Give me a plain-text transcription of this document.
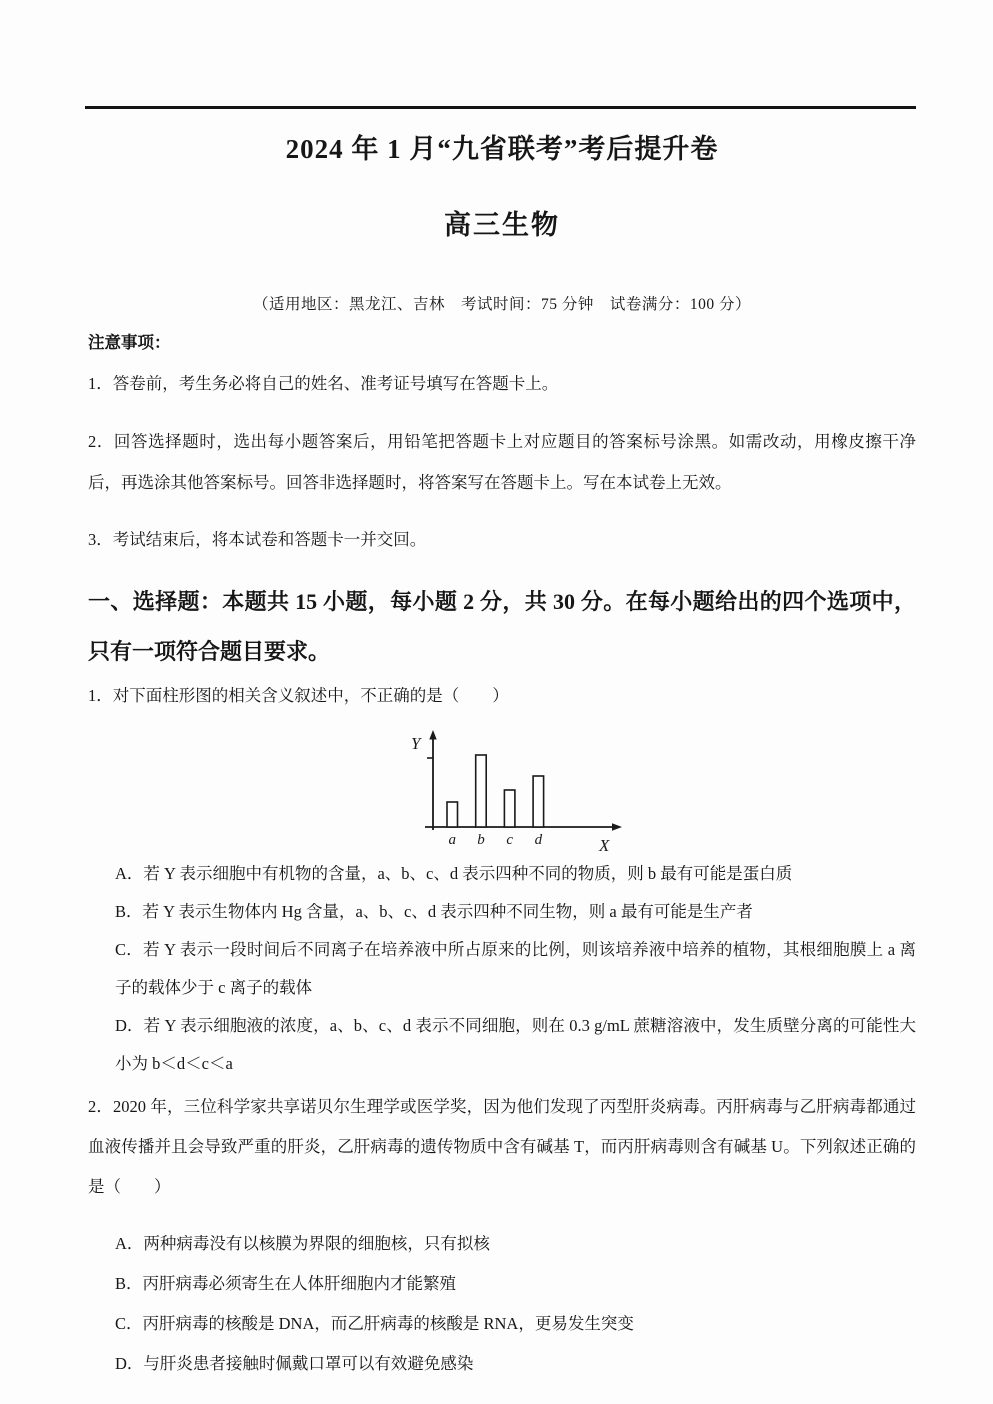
2024 年 1 月“九省联考”考后提升卷
高三生物

（适用地区：黑龙江、吉林　考试时间：75 分钟　试卷满分：100 分）

注意事项：

1．答卷前，考生务必将自己的姓名、准考证号填写在答题卡上。

2．回答选择题时，选出每小题答案后，用铅笔把答题卡上对应题目的答案标号涂黑。如需改动，用橡皮擦干净后，再选涂其他答案标号。回答非选择题时，将答案写在答题卡上。写在本试卷上无效。

3．考试结束后，将本试卷和答题卡一并交回。

一、选择题：本题共 15 小题，每小题 2 分，共 30 分。在每小题给出的四个选项中，只有一项符合题目要求。

1．对下面柱形图的相关含义叙述中，不正确的是（　　）

Y
X
a b c d

A．若 Y 表示细胞中有机物的含量，a、b、c、d 表示四种不同的物质，则 b 最有可能是蛋白质

B．若 Y 表示生物体内 Hg 含量，a、b、c、d 表示四种不同生物，则 a 最有可能是生产者

C．若 Y 表示一段时间后不同离子在培养液中所占原来的比例，则该培养液中培养的植物，其根细胞膜上 a 离子的载体少于 c 离子的载体

D．若 Y 表示细胞液的浓度，a、b、c、d 表示不同细胞，则在 0.3 g/mL 蔗糖溶液中，发生质壁分离的可能性大小为 b＜d＜c＜a

2．2020 年，三位科学家共享诺贝尔生理学或医学奖，因为他们发现了丙型肝炎病毒。丙肝病毒与乙肝病毒都通过血液传播并且会导致严重的肝炎，乙肝病毒的遗传物质中含有碱基 T，而丙肝病毒则含有碱基 U。下列叙述正确的是（　　）

A．两种病毒没有以核膜为界限的细胞核，只有拟核

B．丙肝病毒必须寄生在人体肝细胞内才能繁殖

C．丙肝病毒的核酸是 DNA，而乙肝病毒的核酸是 RNA，更易发生突变

D．与肝炎患者接触时佩戴口罩可以有效避免感染
